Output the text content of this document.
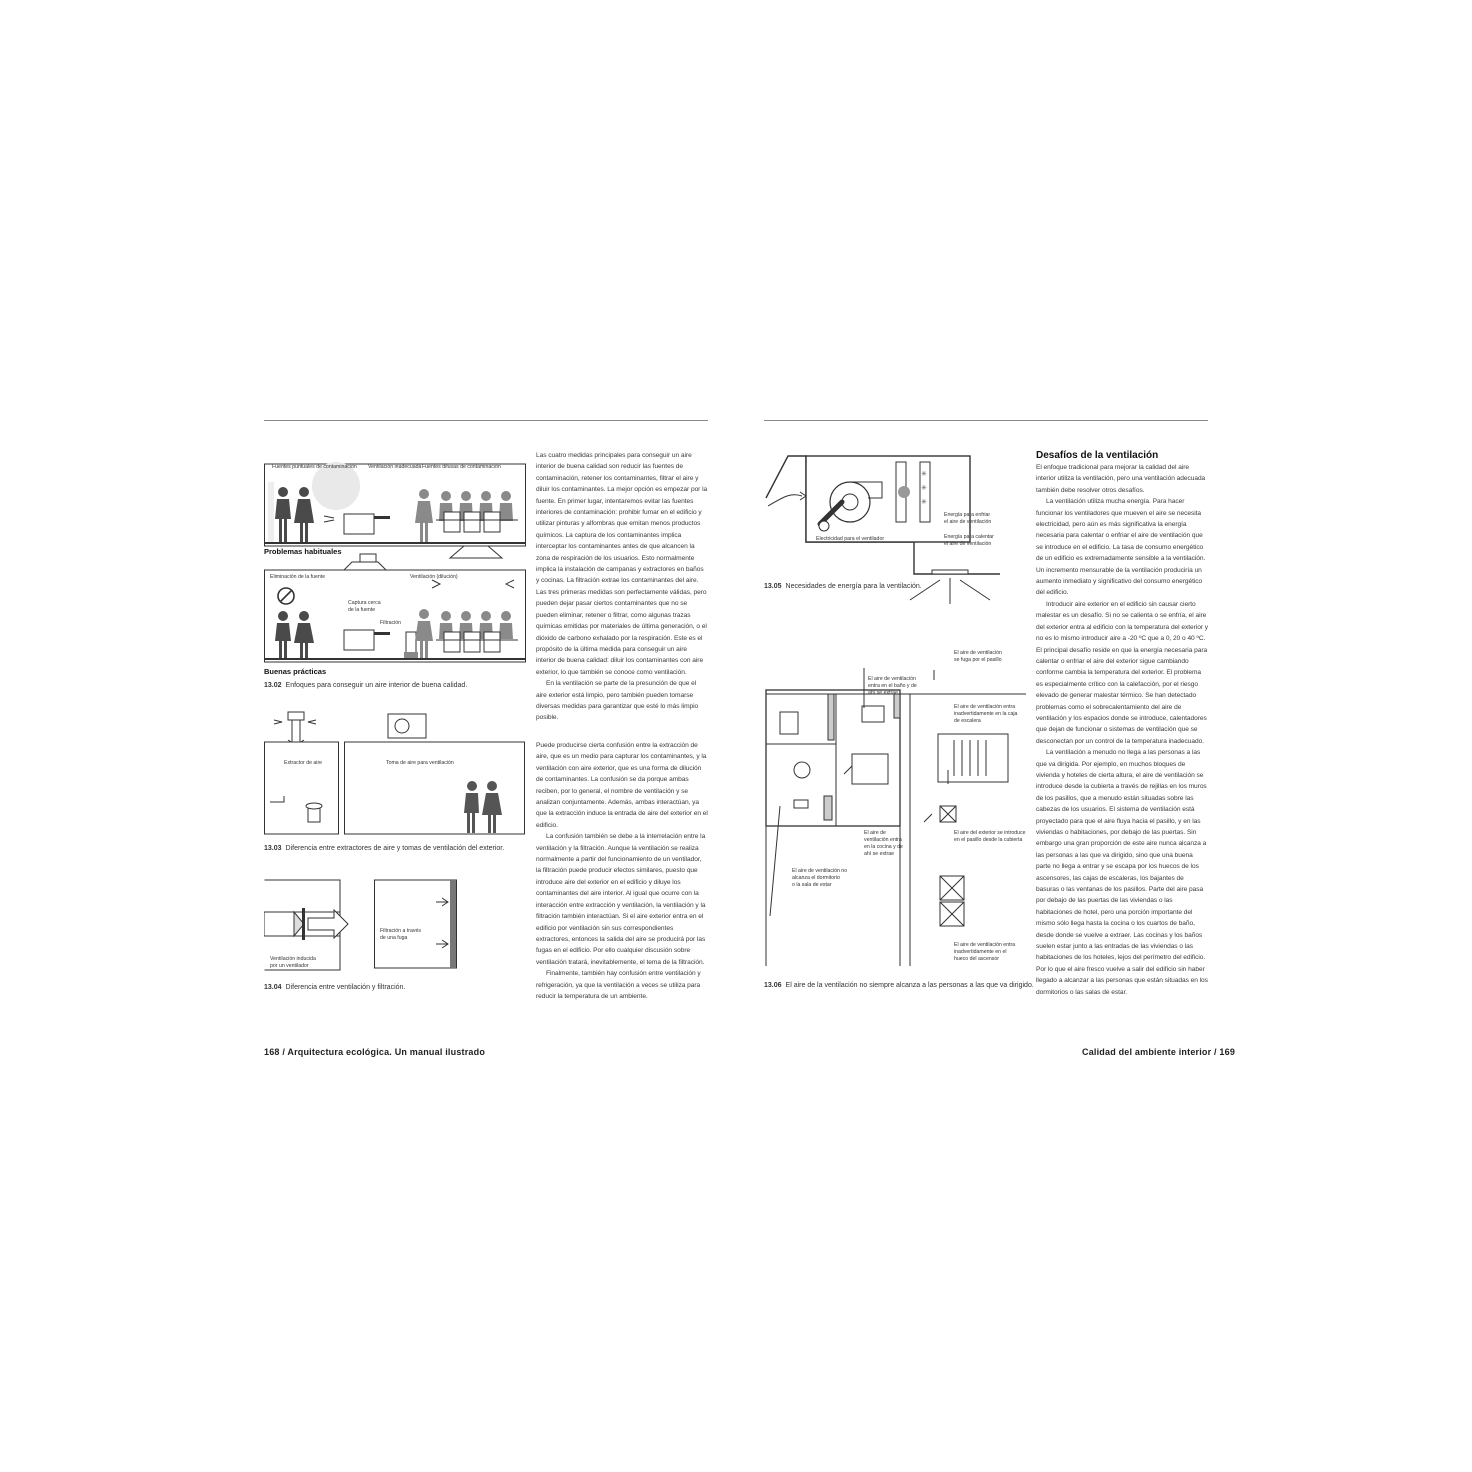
Fuentes puntuales de contaminación Ventilación inadecuada Fuentes difusas de contaminación
Eliminación de la fuente	Ventilación (dilución)
Captura cerca
de la fuente
Filtración
Problemas habituales
Buenas prácticas
13.02 Enfoques para conseguir un aire interior de buena calidad.
Extractor de aire	Toma de aire para ventilación
13.03 Diferencia entre extractores de aire y tomas de ventilación del exterior.
Ventilación inducida
por un ventilador
Filtración a través
de una fuga
13.04 Diferencia entre ventilación y filtración.

Las cuatro medidas principales para conseguir un aire interior de buena calidad son reducir las fuentes de contaminación, retener los contaminantes, filtrar el aire y diluir los contaminantes. La mejor opción es empezar por la fuente. En primer lugar, intentaremos evitar las fuentes interiores de contaminación: prohibir fumar en el edificio y utilizar pinturas y alfombras que emitan menos productos químicos. La captura de los contaminantes implica interceptar los contaminantes antes de que alcancen la zona de respiración de los usuarios. Esto normalmente implica la instalación de campanas y extractores en baños y cocinas. La filtración extrae los contaminantes del aire. Las tres primeras medidas son perfectamente válidas, pero pueden dejar pasar ciertos contaminantes que no se pueden eliminar, retener o filtrar, como algunas trazas químicas emitidas por materiales de última generación, o el dióxido de carbono exhalado por la respiración. Este es el propósito de la última medida para conseguir un aire interior de buena calidad: diluir los contaminantes con aire exterior, lo que también se conoce como ventilación.

En la ventilación se parte de la presunción de que el aire exterior está limpio, pero también pueden tomarse diversas medidas para garantizar que esté lo más limpio posible.

Puede producirse cierta confusión entre la extracción de aire, que es un medio para capturar los contaminantes, y la ventilación con aire exterior, que es una forma de dilución de contaminantes. La confusión se da porque ambas reciben, por lo general, el nombre de ventilación y se analizan conjuntamente. Además, ambas interactúan, ya que la extracción induce la entrada de aire del exterior en el edificio.

La confusión también se debe a la interrelación entre la ventilación y la filtración. Aunque la ventilación se realiza normalmente a partir del funcionamiento de un ventilador, la filtración puede producir efectos similares, puesto que introduce aire del exterior en el edificio y diluye los contaminantes del aire interior. Al igual que ocurre con la interacción entre extracción y ventilación, la ventilación y la filtración también interactúan. Si el aire exterior entra en el edificio por ventilación sin sus correspondientes extractores, entonces la salida del aire se producirá por las fugas en el edificio. Por ello cualquier discusión sobre ventilación tratará, inevitablemente, el tema de la filtración.

Finalmente, también hay confusión entre ventilación y refrigeración, ya que la ventilación a veces se utiliza para reducir la temperatura de un ambiente.

168 / Arquitectura ecológica. Un manual ilustrado
✳
✳
✳
Electricidad para el ventilador
Energía para enfriar
el aire de ventilación
Energía para calentar
el aire de ventilación
13.05 Necesidades de energía para la ventilación.
El aire de ventilación
entra en el baño y de
ahí se extrae
El aire de ventilación
se fuga por el pasillo
El aire de ventilación entra
inadvertidamente en la caja
de escalera
El aire de
ventilación entra
en la cocina y de
ahí se extrae
El aire del exterior se introduce
en el pasillo desde la cubierta
El aire de ventilación no
alcanza el dormitorio
o la sala de estar
El aire de ventilación entra
inadvertidamente en el
hueco del ascensor
13.06 El aire de la ventilación no siempre alcanza a las personas a las que va dirigido.
Desafíos de la ventilación

El enfoque tradicional para mejorar la calidad del aire interior utiliza la ventilación, pero una ventilación adecuada también debe resolver otros desafíos.

La ventilación utiliza mucha energía. Para hacer funcionar los ventiladores que mueven el aire se necesita electricidad, pero aún es más significativa la energía necesaria para calentar o enfriar el aire de ventilación que se introduce en el edificio. La tasa de consumo energético de un edificio es extremadamente sensible a la ventilación. Un incremento mensurable de la ventilación produciría un aumento inmediato y significativo del consumo energético del edificio.

Introducir aire exterior en el edificio sin causar cierto malestar es un desafío. Si no se calienta o se enfría, el aire del exterior entra al edificio con la temperatura del exterior y no es lo mismo introducir aire a -20 ºC que a 0, 20 o 40 ºC. El principal desafío reside en que la energía necesaria para calentar o enfriar el aire del exterior sigue cambiando conforme cambia la temperatura del exterior. El problema es especialmente crítico con la calefacción, por el riesgo elevado de generar malestar térmico. Se han detectado problemas como el sobrecalentamiento del aire de ventilación y los espacios donde se introduce, calentadores que dejan de funcionar o sistemas de ventilación que se desconectan por un control de la temperatura inadecuado.

La ventilación a menudo no llega a las personas a las que va dirigida. Por ejemplo, en muchos bloques de vivienda y hoteles de cierta altura, el aire de ventilación se introduce desde la cubierta a través de rejillas en los muros de los pasillos, que a menudo están situadas sobre las cabezas de los usuarios. El sistema de ventilación está proyectado para que el aire fluya hacia el pasillo, y en las viviendas o habitaciones, por debajo de las puertas. Sin embargo una gran proporción de este aire nunca alcanza a las personas a las que va dirigido, sino que una buena parte no llega a entrar y se escapa por los huecos de los ascensores, las cajas de escaleras, los bajantes de basuras o las ventanas de los pasillos. Parte del aire pasa por debajo de las puertas de las viviendas o las habitaciones de hotel, pero una porción importante del mismo sólo llega hasta la cocina o los cuartos de baño, desde donde se vuelve a extraer. Las cocinas y los baños suelen estar junto a las entradas de las viviendas o las habitaciones de los hoteles, lejos del perímetro del edificio. Por lo que el aire fresco vuelve a salir del edificio sin haber llegado a alcanzar a las personas que están situadas en los dormitorios o las salas de estar.

Calidad del ambiente interior / 169
